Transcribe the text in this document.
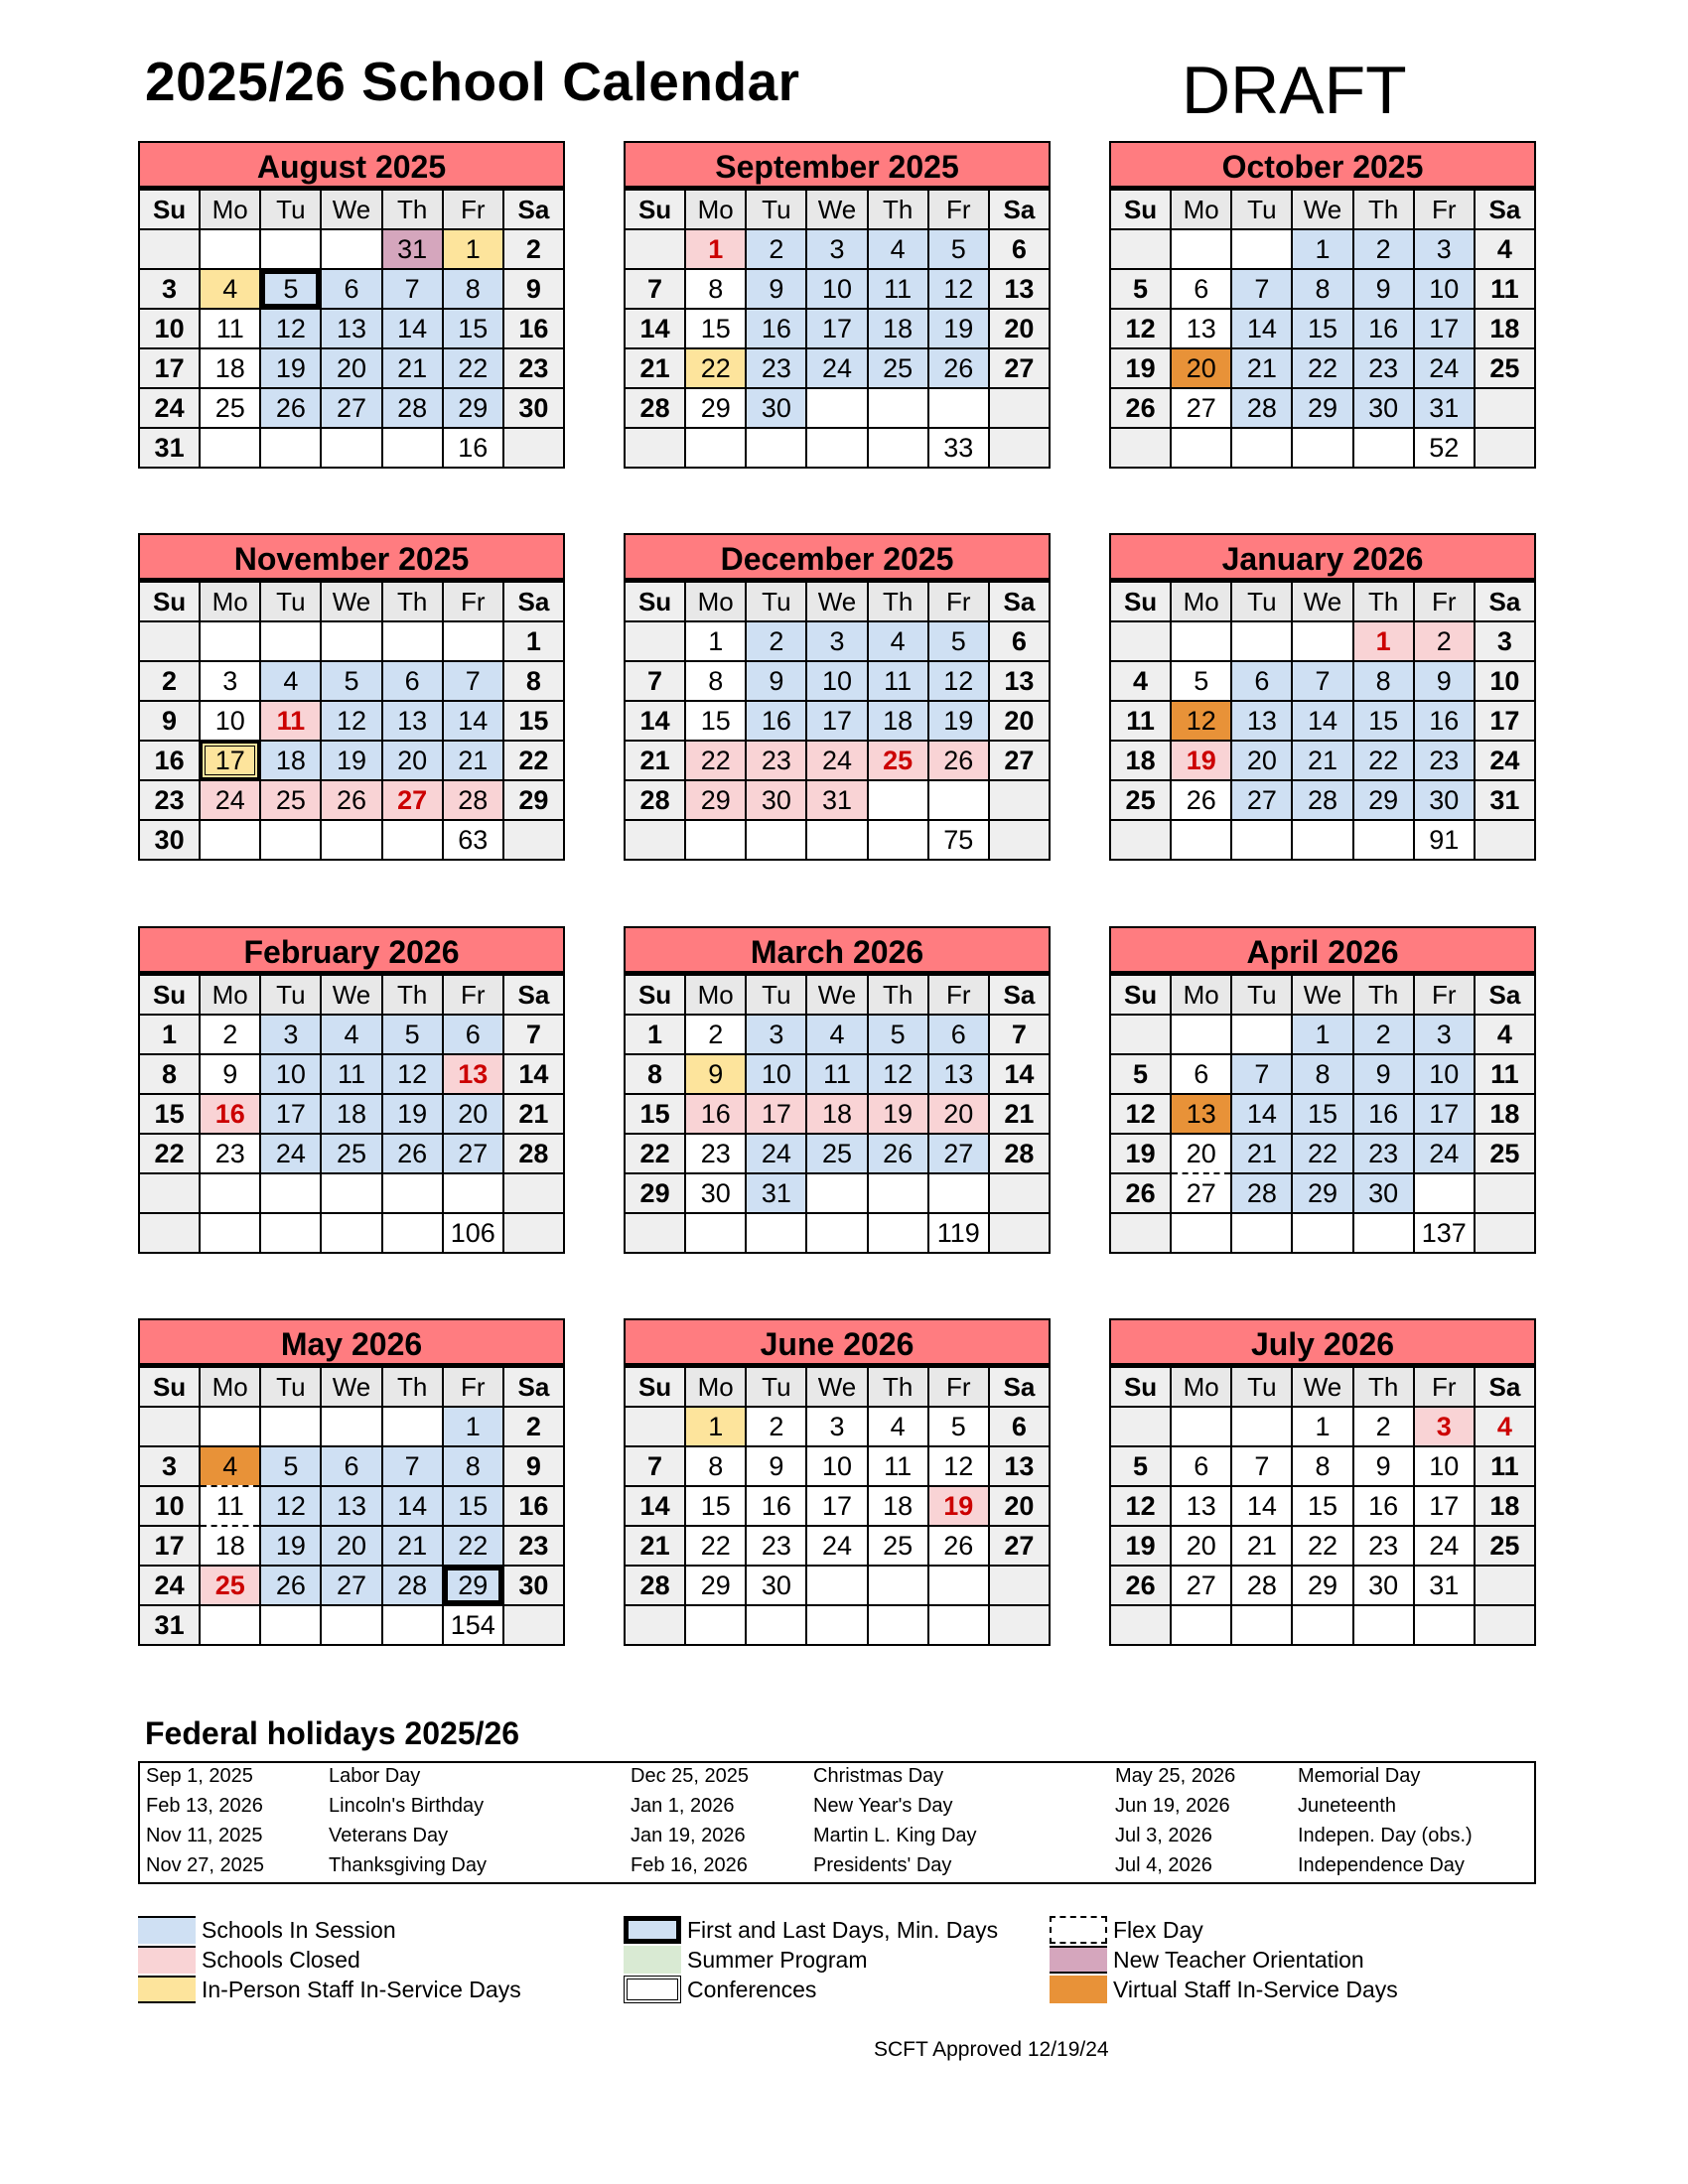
2025/26 School Calendar	DRAFT
August 2025
Su	Mo	Tu	We	Th	Fr	Sa
				31	1	2
3	4	5	6	7	8	9
10	11	12	13	14	15	16
17	18	19	20	21	22	23
24	25	26	27	28	29	30
31					16	
September 2025
Su	Mo	Tu	We	Th	Fr	Sa
	1	2	3	4	5	6
7	8	9	10	11	12	13
14	15	16	17	18	19	20
21	22	23	24	25	26	27
28	29	30				
					33	
October 2025
Su	Mo	Tu	We	Th	Fr	Sa
			1	2	3	4
5	6	7	8	9	10	11
12	13	14	15	16	17	18
19	20	21	22	23	24	25
26	27	28	29	30	31	
					52	
November 2025
Su	Mo	Tu	We	Th	Fr	Sa
						1
2	3	4	5	6	7	8
9	10	11	12	13	14	15
16	17	18	19	20	21	22
23	24	25	26	27	28	29
30					63	
December 2025
Su	Mo	Tu	We	Th	Fr	Sa
	1	2	3	4	5	6
7	8	9	10	11	12	13
14	15	16	17	18	19	20
21	22	23	24	25	26	27
28	29	30	31			
					75	
January 2026
Su	Mo	Tu	We	Th	Fr	Sa
				1	2	3
4	5	6	7	8	9	10
11	12	13	14	15	16	17
18	19	20	21	22	23	24
25	26	27	28	29	30	31
					91	
February 2026
Su	Mo	Tu	We	Th	Fr	Sa
1	2	3	4	5	6	7
8	9	10	11	12	13	14
15	16	17	18	19	20	21
22	23	24	25	26	27	28

					106	
March 2026
Su	Mo	Tu	We	Th	Fr	Sa
1	2	3	4	5	6	7
8	9	10	11	12	13	14
15	16	17	18	19	20	21
22	23	24	25	26	27	28
29	30	31				
					119	
April 2026
Su	Mo	Tu	We	Th	Fr	Sa
			1	2	3	4
5	6	7	8	9	10	11
12	13	14	15	16	17	18
19	20	21	22	23	24	25
26	27	28	29	30		
					137	
May 2026
Su	Mo	Tu	We	Th	Fr	Sa
					1	2
3	4	5	6	7	8	9
10	11	12	13	14	15	16
17	18	19	20	21	22	23
24	25	26	27	28	29	30
31					154	
June 2026
Su	Mo	Tu	We	Th	Fr	Sa
	1	2	3	4	5	6
7	8	9	10	11	12	13
14	15	16	17	18	19	20
21	22	23	24	25	26	27
28	29	30				

July 2026
Su	Mo	Tu	We	Th	Fr	Sa
			1	2	3	4
5	6	7	8	9	10	11
12	13	14	15	16	17	18
19	20	21	22	23	24	25
26	27	28	29	30	31	

Federal holidays 2025/26
Sep 1, 2025	Labor Day
Feb 13, 2026	Lincoln's Birthday
Nov 11, 2025	Veterans Day
Nov 27, 2025	Thanksgiving Day
Dec 25, 2025	Christmas Day
Jan 1, 2026	New Year's Day
Jan 19, 2026	Martin L. King Day
Feb 16, 2026	Presidents' Day
May 25, 2026	Memorial Day
Jun 19, 2026	Juneteenth
Jul 3, 2026	Indepen. Day (obs.)
Jul 4, 2026	Independence Day
Schools In Session
Schools Closed
In-Person Staff In-Service Days
First and Last Days, Min. Days
Summer Program
Conferences
Flex Day
New Teacher Orientation
Virtual Staff In-Service Days
SCFT Approved 12/19/24
